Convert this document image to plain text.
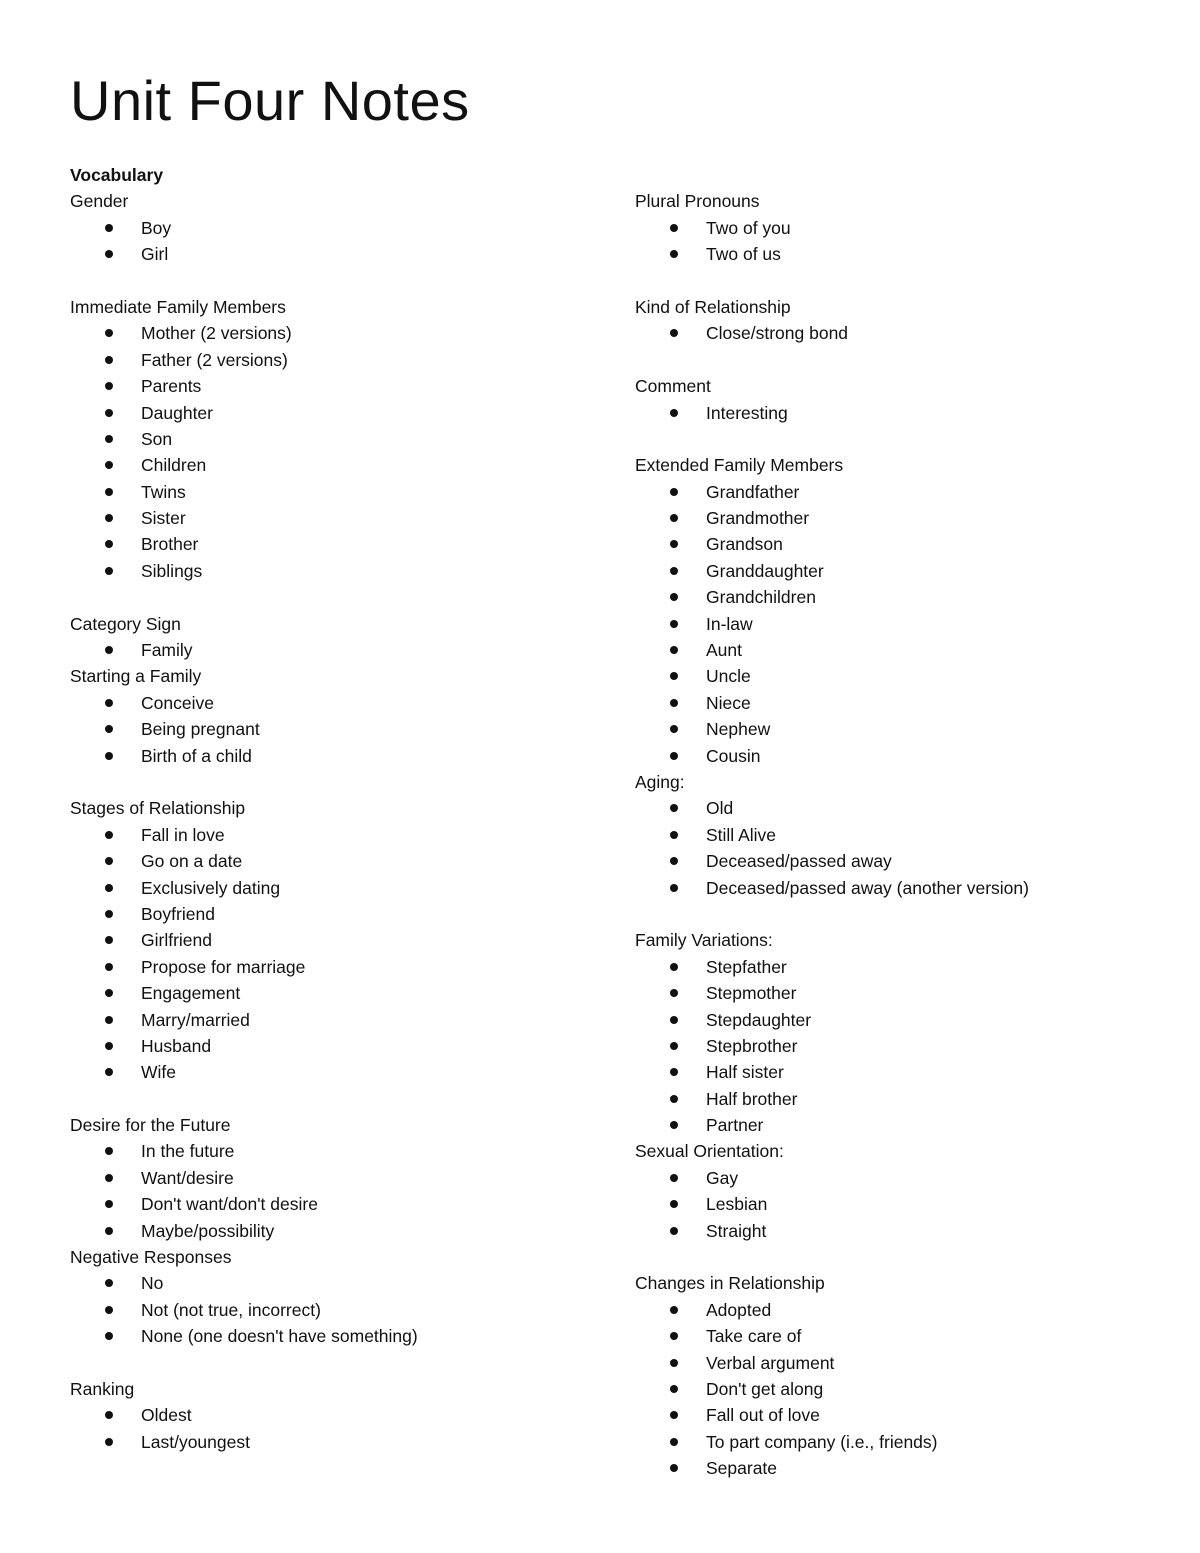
Unit Four Notes
Vocabulary
Gender
Boy
Girl
Immediate Family Members
Mother (2 versions)
Father (2 versions)
Parents
Daughter
Son
Children
Twins
Sister
Brother
Siblings
Category Sign
Family
Starting a Family
Conceive
Being pregnant
Birth of a child
Stages of Relationship
Fall in love
Go on a date
Exclusively dating
Boyfriend
Girlfriend
Propose for marriage
Engagement
Marry/married
Husband
Wife
Desire for the Future
In the future
Want/desire
Don't want/don't desire
Maybe/possibility
Negative Responses
No
Not (not true, incorrect)
None (one doesn't have something)
Ranking
Oldest
Last/youngest
Plural Pronouns
Two of you
Two of us
Kind of Relationship
Close/strong bond
Comment
Interesting
Extended Family Members
Grandfather
Grandmother
Grandson
Granddaughter
Grandchildren
In-law
Aunt
Uncle
Niece
Nephew
Cousin
Aging:
Old
Still Alive
Deceased/passed away
Deceased/passed away (another version)
Family Variations:
Stepfather
Stepmother
Stepdaughter
Stepbrother
Half sister
Half brother
Partner
Sexual Orientation:
Gay
Lesbian
Straight
Changes in Relationship
Adopted
Take care of
Verbal argument
Don't get along
Fall out of love
To part company (i.e., friends)
Separate
